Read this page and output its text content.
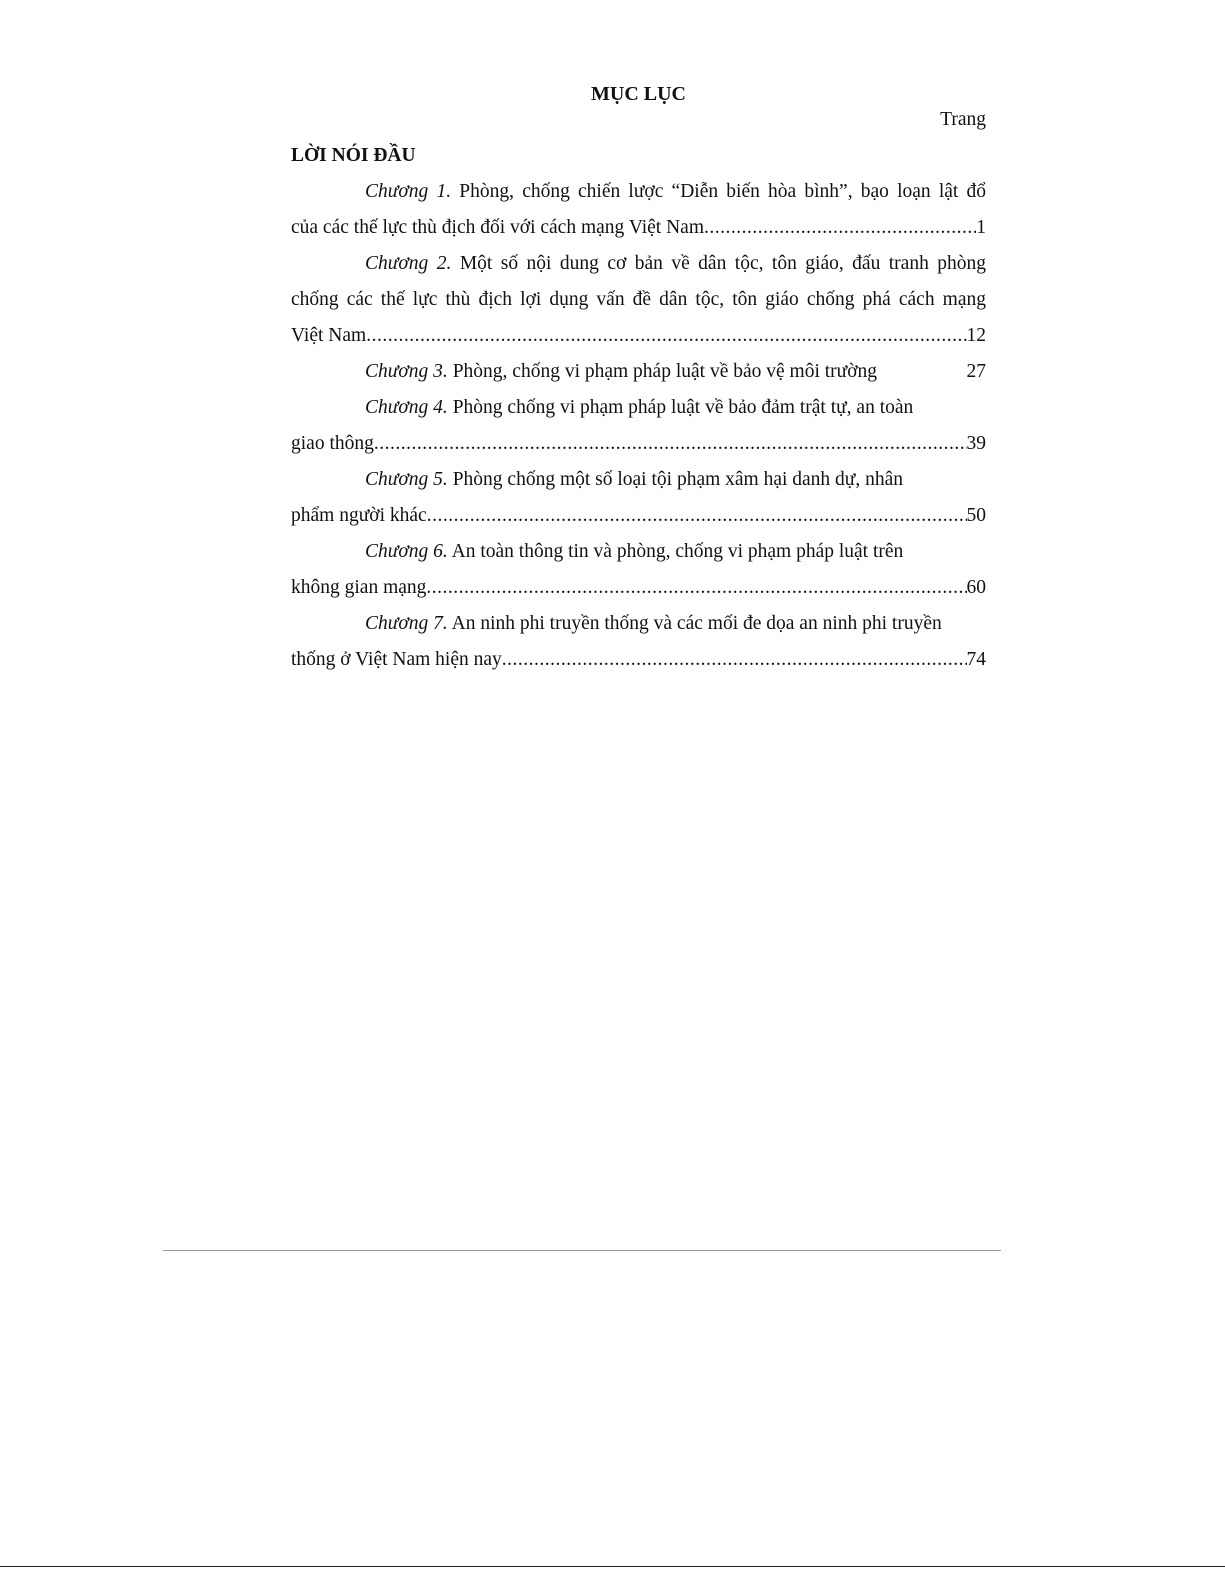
MỤC LỤC
Trang
LỜI NÓI ĐẦU
Chương 1. Phòng, chống chiến lược “Diễn biến hòa bình”, bạo loạn lật đổ
của các thế lực thù địch đối với cách mạng Việt Nam .....	1
Chương 2. Một số nội dung cơ bản về dân tộc, tôn giáo, đấu tranh phòng
chống các thế lực thù địch lợi dụng vấn đề dân tộc, tôn giáo chống phá cách mạng
Việt Nam .....	12
Chương 3. Phòng, chống vi phạm pháp luật về bảo vệ môi trường	27
Chương 4. Phòng chống vi phạm pháp luật về bảo đảm trật tự, an toàn
giao thông .....	39
Chương 5. Phòng chống một số loại tội phạm xâm hại danh dự, nhân
phẩm người khác .....	50
Chương 6. An toàn thông tin và phòng, chống vi phạm pháp luật trên
không gian mạng .....	60
Chương 7. An ninh phi truyền thống và các mối đe dọa an ninh phi truyền
thống ở Việt Nam hiện nay .....	74
